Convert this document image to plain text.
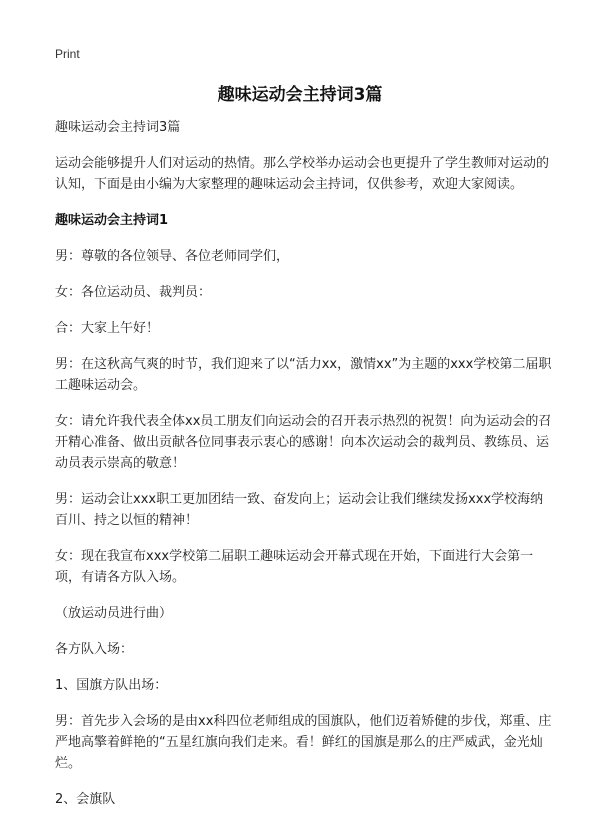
Print
趣味运动会主持词3篇

趣味运动会主持词3篇

运动会能够提升人们对运动的热情。那么学校举办运动会也更提升了学生教师对运动的认知，下面是由小编为大家整理的趣味运动会主持词，仅供参考，欢迎大家阅读。

趣味运动会主持词1

男：尊敬的各位领导、各位老师同学们，

女：各位运动员、裁判员：

合：大家上午好！

男：在这秋高气爽的时节，我们迎来了以“活力xx，激情xx”为主题的xxx学校第二届职工趣味运动会。

女：请允许我代表全体xx员工朋友们向运动会的召开表示热烈的祝贺！向为运动会的召开精心准备、做出贡献各位同事表示衷心的感谢！向本次运动会的裁判员、教练员、运动员表示崇高的敬意！

男：运动会让xxx职工更加团结一致、奋发向上；运动会让我们继续发扬xxx学校海纳百川、持之以恒的精神！

女：现在我宣布xxx学校第二届职工趣味运动会开幕式现在开始，下面进行大会第一项，有请各方队入场。

（放运动员进行曲）

各方队入场：

1、国旗方队出场：

男：首先步入会场的是由xx科四位老师组成的国旗队，他们迈着矫健的步伐，郑重、庄严地高擎着鲜艳的“五星红旗向我们走来。看！鲜红的国旗是那么的庄严威武，金光灿烂。

2、会旗队
